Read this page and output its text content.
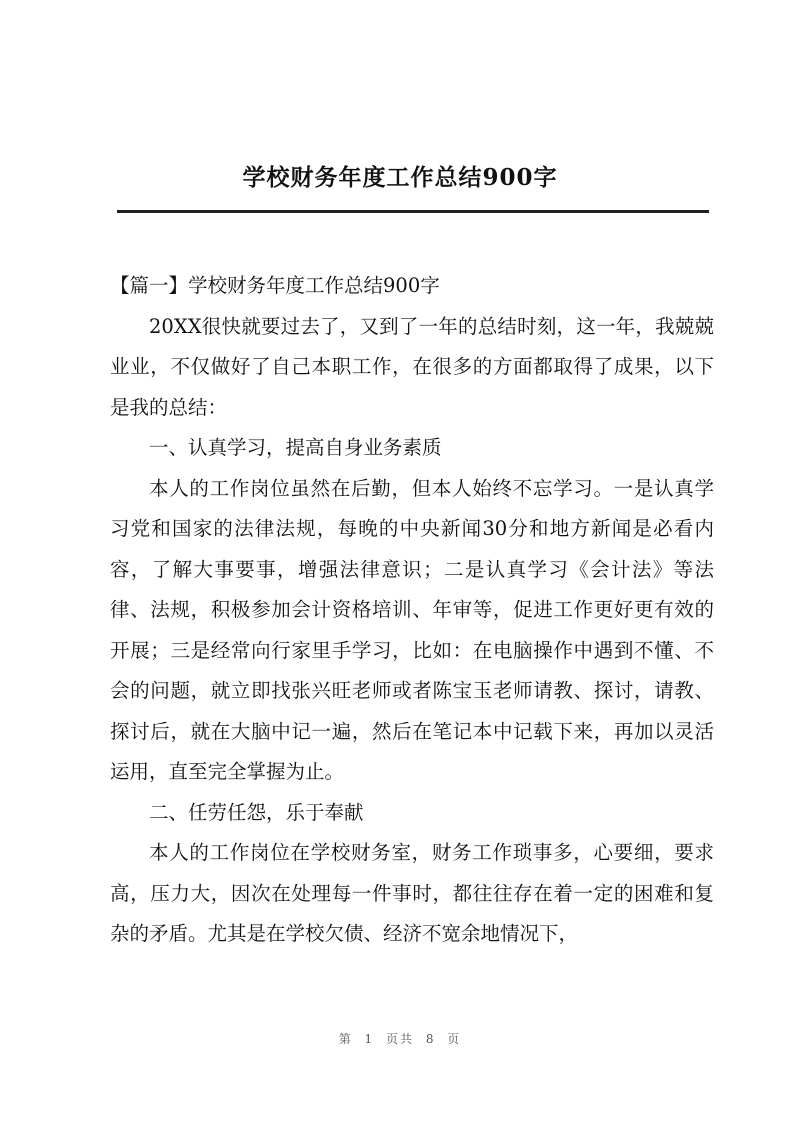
学校财务年度工作总结900字

【篇一】学校财务年度工作总结900字

20XX很快就要过去了，又到了一年的总结时刻，这一年，我兢兢业业，不仅做好了自己本职工作，在很多的方面都取得了成果，以下是我的总结：

一、认真学习，提高自身业务素质

本人的工作岗位虽然在后勤，但本人始终不忘学习。一是认真学习党和国家的法律法规，每晚的中央新闻30分和地方新闻是必看内容，了解大事要事，增强法律意识；二是认真学习《会计法》等法律、法规，积极参加会计资格培训、年审等，促进工作更好更有效的开展；三是经常向行家里手学习，比如：在电脑操作中遇到不懂、不会的问题，就立即找张兴旺老师或者陈宝玉老师请教、探讨，请教、探讨后，就在大脑中记一遍，然后在笔记本中记载下来，再加以灵活运用，直至完全掌握为止。

二、任劳任怨，乐于奉献

本人的工作岗位在学校财务室，财务工作琐事多，心要细，要求高，压力大，因次在处理每一件事时，都往往存在着一定的困难和复杂的矛盾。尤其是在学校欠债、经济不宽余地情况下，

第 1 页共 8 页
